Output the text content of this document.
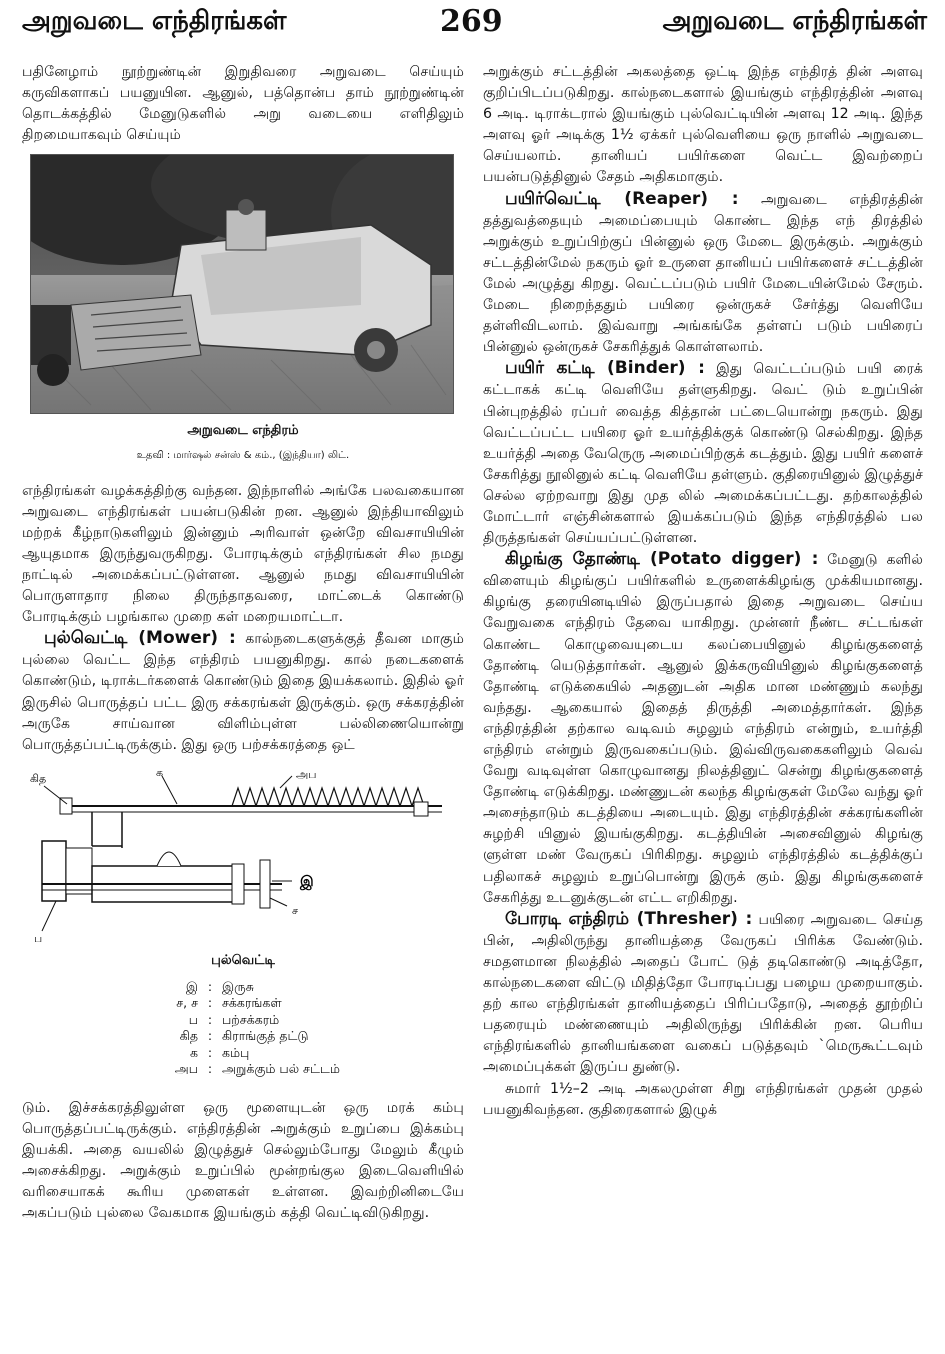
அறுவடை எந்திரங்கள்	269	அறுவடை எந்திரங்கள்

பதினேழாம் நூற்றுண்டின் இறுதிவரை அறுவடை செய்யும் கருவிகளாகப் பயனுயின. ஆனுல், பத்தொன்ப தாம் நூற்றுண்டின் தொடக்கத்தில் மேனுடுகளில் அறு வடையை எளிதிலும் திறமையாகவும் செய்யும்

அறுவடை எந்திரம்
உதவி : மார்ஷல் சன்ஸ் & கம்., (இந்தியா) லிட்.

எந்திரங்கள் வழக்கத்திற்கு வந்தன. இந்நாளில் அங்கே பலவகையான அறுவடை எந்திரங்கள் பயன்படுகின் றன. ஆனுல் இந்தியாவிலும் மற்றக் கீழ்நாடுகளிலும் இன்னும் அரிவாள் ஒன்றே விவசாயியின் ஆயுதமாக இருந்துவருகிறது. போரடிக்கும் எந்திரங்கள் சில நமது நாட்டில் அமைக்கப்பட்டுள்ளன. ஆனுல் நமது விவசாயியின் பொருளாதார நிலை திருந்தாதவரை, மாட்டைக் கொண்டு போரடிக்கும் பழங்கால முறை கள் மறையமாட்டா.

புல்வெட்டி (Mower) : கால்நடைகளுக்குத் தீவன மாகும் புல்லை வெட்ட இந்த எந்திரம் பயனுகிறது. கால் நடைகளைக் கொண்டும், டிராக்டர்களைக் கொண்டும் இதை இயக்கலாம். இதில் ஓர் இருசில் பொருத்தப் பட்ட இரு சக்கரங்கள் இருக்கும். ஒரு சக்கரத்தின் அருகே சாய்வான விளிம்புள்ள பல்லிணையொன்று பொருத்தப்பட்டிருக்கும். இது ஒரு பற்சக்கரத்தை ஒட்

கித	க	அப
இ
ச
ப
புல்வெட்டி
இ : இருசு
ச, ச : சக்கரங்கள்
ப : பற்சக்கரம்
கித : கிராங்குத் தட்டு
க : கம்பு
அப : அறுக்கும் பல் சட்டம்

டும். இச்சக்கரத்திலுள்ள ஒரு மூளையுடன் ஒரு மரக் கம்பு பொருத்தப்பட்டிருக்கும். எந்திரத்தின் அறுக்கும் உறுப்பை இக்கம்பு இயக்கி. அதை வயலில் இழுத்துச் செல்லும்போது மேலும் கீழும் அசைக்கிறது. அறுக்கும் உறுப்பில் மூன்றங்குல இடைவெளியில் வரிசையாகக் கூரிய முளைகள் உள்ளன. இவற்றினிடையே அகப்படும் புல்லை வேகமாக இயங்கும் கத்தி வெட்டிவிடுகிறது.

அறுக்கும் சட்டத்தின் அகலத்தை ஒட்டி இந்த எந்திரத் தின் அளவு குறிப்பிடப்படுகிறது. கால்நடைகளால் இயங்கும் எந்திரத்தின் அளவு 6 அடி. டிராக்டரால் இயங்கும் புல்வெட்டியின் அளவு 12 அடி. இந்த அளவு ஓர் அடிக்கு 1½ ஏக்கர் புல்வெளியை ஒரு நாளில் அறுவடை செய்யலாம். தானியப் பயிர்களை வெட்ட இவற்றைப் பயன்படுத்தினுல் சேதம் அதிகமாகும்.

பயிர்வெட்டி (Reaper) : அறுவடை எந்திரத்தின் தத்துவத்தையும் அமைப்பையும் கொண்ட இந்த எந் திரத்தில் அறுக்கும் உறுப்பிற்குப் பின்னுல் ஒரு மேடை இருக்கும். அறுக்கும் சட்டத்தின்மேல் நகரும் ஓர் உருளை தானியப் பயிர்களைச் சட்டத்தின் மேல் அழுத்து கிறது. வெட்டப்படும் பயிர் மேடையின்மேல் சேரும். மேடை நிறைந்ததும் பயிரை ஒன்ருகச் சேர்த்து வெளியே தள்ளிவிடலாம். இவ்வாறு அங்கங்கே தள்ளப் படும் பயிரைப் பின்னுல் ஒன்ருகச் சேகரித்துக் கொள்ளலாம்.

பயிர் கட்டி (Binder) : இது வெட்டப்படும் பயி ரைக் கட்டாகக் கட்டி வெளியே தள்ளுகிறது. வெட் டும் உறுப்பின் பின்புறத்தில் ரப்பர் வைத்த கித்தான் பட்டையொன்று நகரும். இது வெட்டப்பட்ட பயிரை ஓர் உயர்த்திக்குக் கொண்டு செல்கிறது. இந்த உயர்த்தி அதை வேருெரு அமைப்பிற்குக் கடத்தும். இது பயிர் களைச் சேகரித்து நூலினுல் கட்டி வெளியே தள்ளும். குதிரையினுல் இழுத்துச் செல்ல ஏற்றவாறு இது முத லில் அமைக்கப்பட்டது. தற்காலத்தில் மோட்டார் எஞ்சின்களால் இயக்கப்படும் இந்த எந்திரத்தில் பல திருத்தங்கள் செய்யப்பட்டுள்ளன.

கிழங்கு தோண்டி (Potato digger) : மேனுடு களில் விளையும் கிழங்குப் பயிர்களில் உருளைக்கிழங்கு முக்கியமானது. கிழங்கு தரையினடியில் இருப்பதால் இதை அறுவடை செய்ய வேறுவகை எந்திரம் தேவை யாகிறது. முன்னர் நீண்ட சட்டங்கள் கொண்ட கொழுவையுடைய கலப்பையினுல் கிழங்குகளைத் தோண்டி யெடுத்தார்கள். ஆனுல் இக்கருவியினுல் கிழங்குகளைத் தோண்டி எடுக்கையில் அதனுடன் அதிக மான மண்ணும் கலந்து வந்தது. ஆகையால் இதைத் திருத்தி அமைத்தார்கள். இந்த எந்திரத்தின் தற்கால வடிவம் சுழலும் எந்திரம் என்றும், உயர்த்தி எந்திரம் என்றும் இருவகைப்படும். இவ்விருவகைகளிலும் வெவ் வேறு வடிவுள்ள கொழுவானது நிலத்தினுட் சென்று கிழங்குகளைத் தோண்டி எடுக்கிறது. மண்ணுடன் கலந்த கிழங்குகள் மேலே வந்து ஓர் அசைந்தாடும் கடத்தியை அடையும். இது எந்திரத்தின் சக்கரங்களின் சுழற்சி யினுல் இயங்குகிறது. கடத்தியின் அசைவினுல் கிழங்கு ளுள்ள மண் வேருகப் பிரிகிறது. சுழலும் எந்திரத்தில் கடத்திக்குப் பதிலாகச் சுழலும் உறுப்பொன்று இருக் கும். இது கிழங்குகளைச் சேகரித்து உடனுக்குடன் எட்ட எறிகிறது.

போரடி எந்திரம் (Thresher) : பயிரை அறுவடை செய்த பின், அதிலிருந்து தானியத்தை வேருகப் பிரிக்க வேண்டும். சமதளமான நிலத்தில் அதைப் போட் டுத் தடிகொண்டு அடித்தோ, கால்நடைகளை விட்டு மிதித்தோ போரடிப்பது பழைய முறையாகும். தற் கால எந்திரங்கள் தானியத்தைப் பிரிப்பதோடு, அதைத் தூற்றிப் பதரையும் மண்ணையும் அதிலிருந்து பிரிக்கின் றன. பெரிய எந்திரங்களில் தானியங்களை வகைப் படுத்தவும் `மெருகூட்டவும் அமைப்புக்கள் இருப்ப துண்டு.

சுமார் 1½–2 அடி அகலமுள்ள சிறு எந்திரங்கள் முதன் முதல் பயனுகிவந்தன. குதிரைகளால் இழுக்
